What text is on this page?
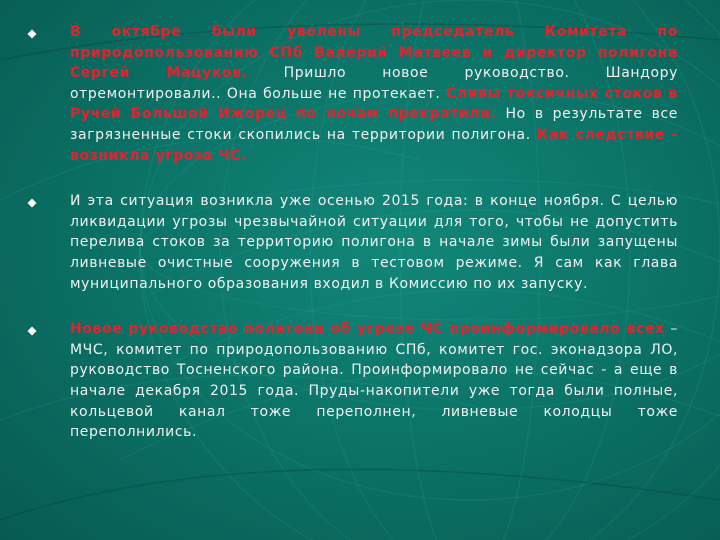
В октябре были уволены председатель Комитета по природопользованию СПб Валерий Матвеев и директор полигона Сергей Мацуков. Пришло новое руководство. Шандору отремонтировали.. Она больше не протекает. Сливы токсичных стоков в Ручей Большой Ижорец по ночам прекратили. Но в результате все загрязненные стоки скопились на территории полигона. Как следствие - возникла угроза ЧС.
И эта ситуация возникла уже осенью 2015 года: в конце ноября. С целью ликвидации угрозы чрезвычайной ситуации для того, чтобы не допустить перелива стоков за территорию полигона в начале зимы были запущены ливневые очистные сооружения в тестовом режиме. Я сам как глава муниципального образования входил в Комиссию по их запуску.
Новое руководство полигона об угрозе ЧС проинформировало всех – МЧС, комитет по природопользованию СПб, комитет гос. эконадзора ЛО, руководство Тосненского района. Проинформировало не сейчас - а еще в начале декабря 2015 года. Пруды-накопители уже тогда были полные, кольцевой канал тоже переполнен, ливневые колодцы тоже переполнились.
